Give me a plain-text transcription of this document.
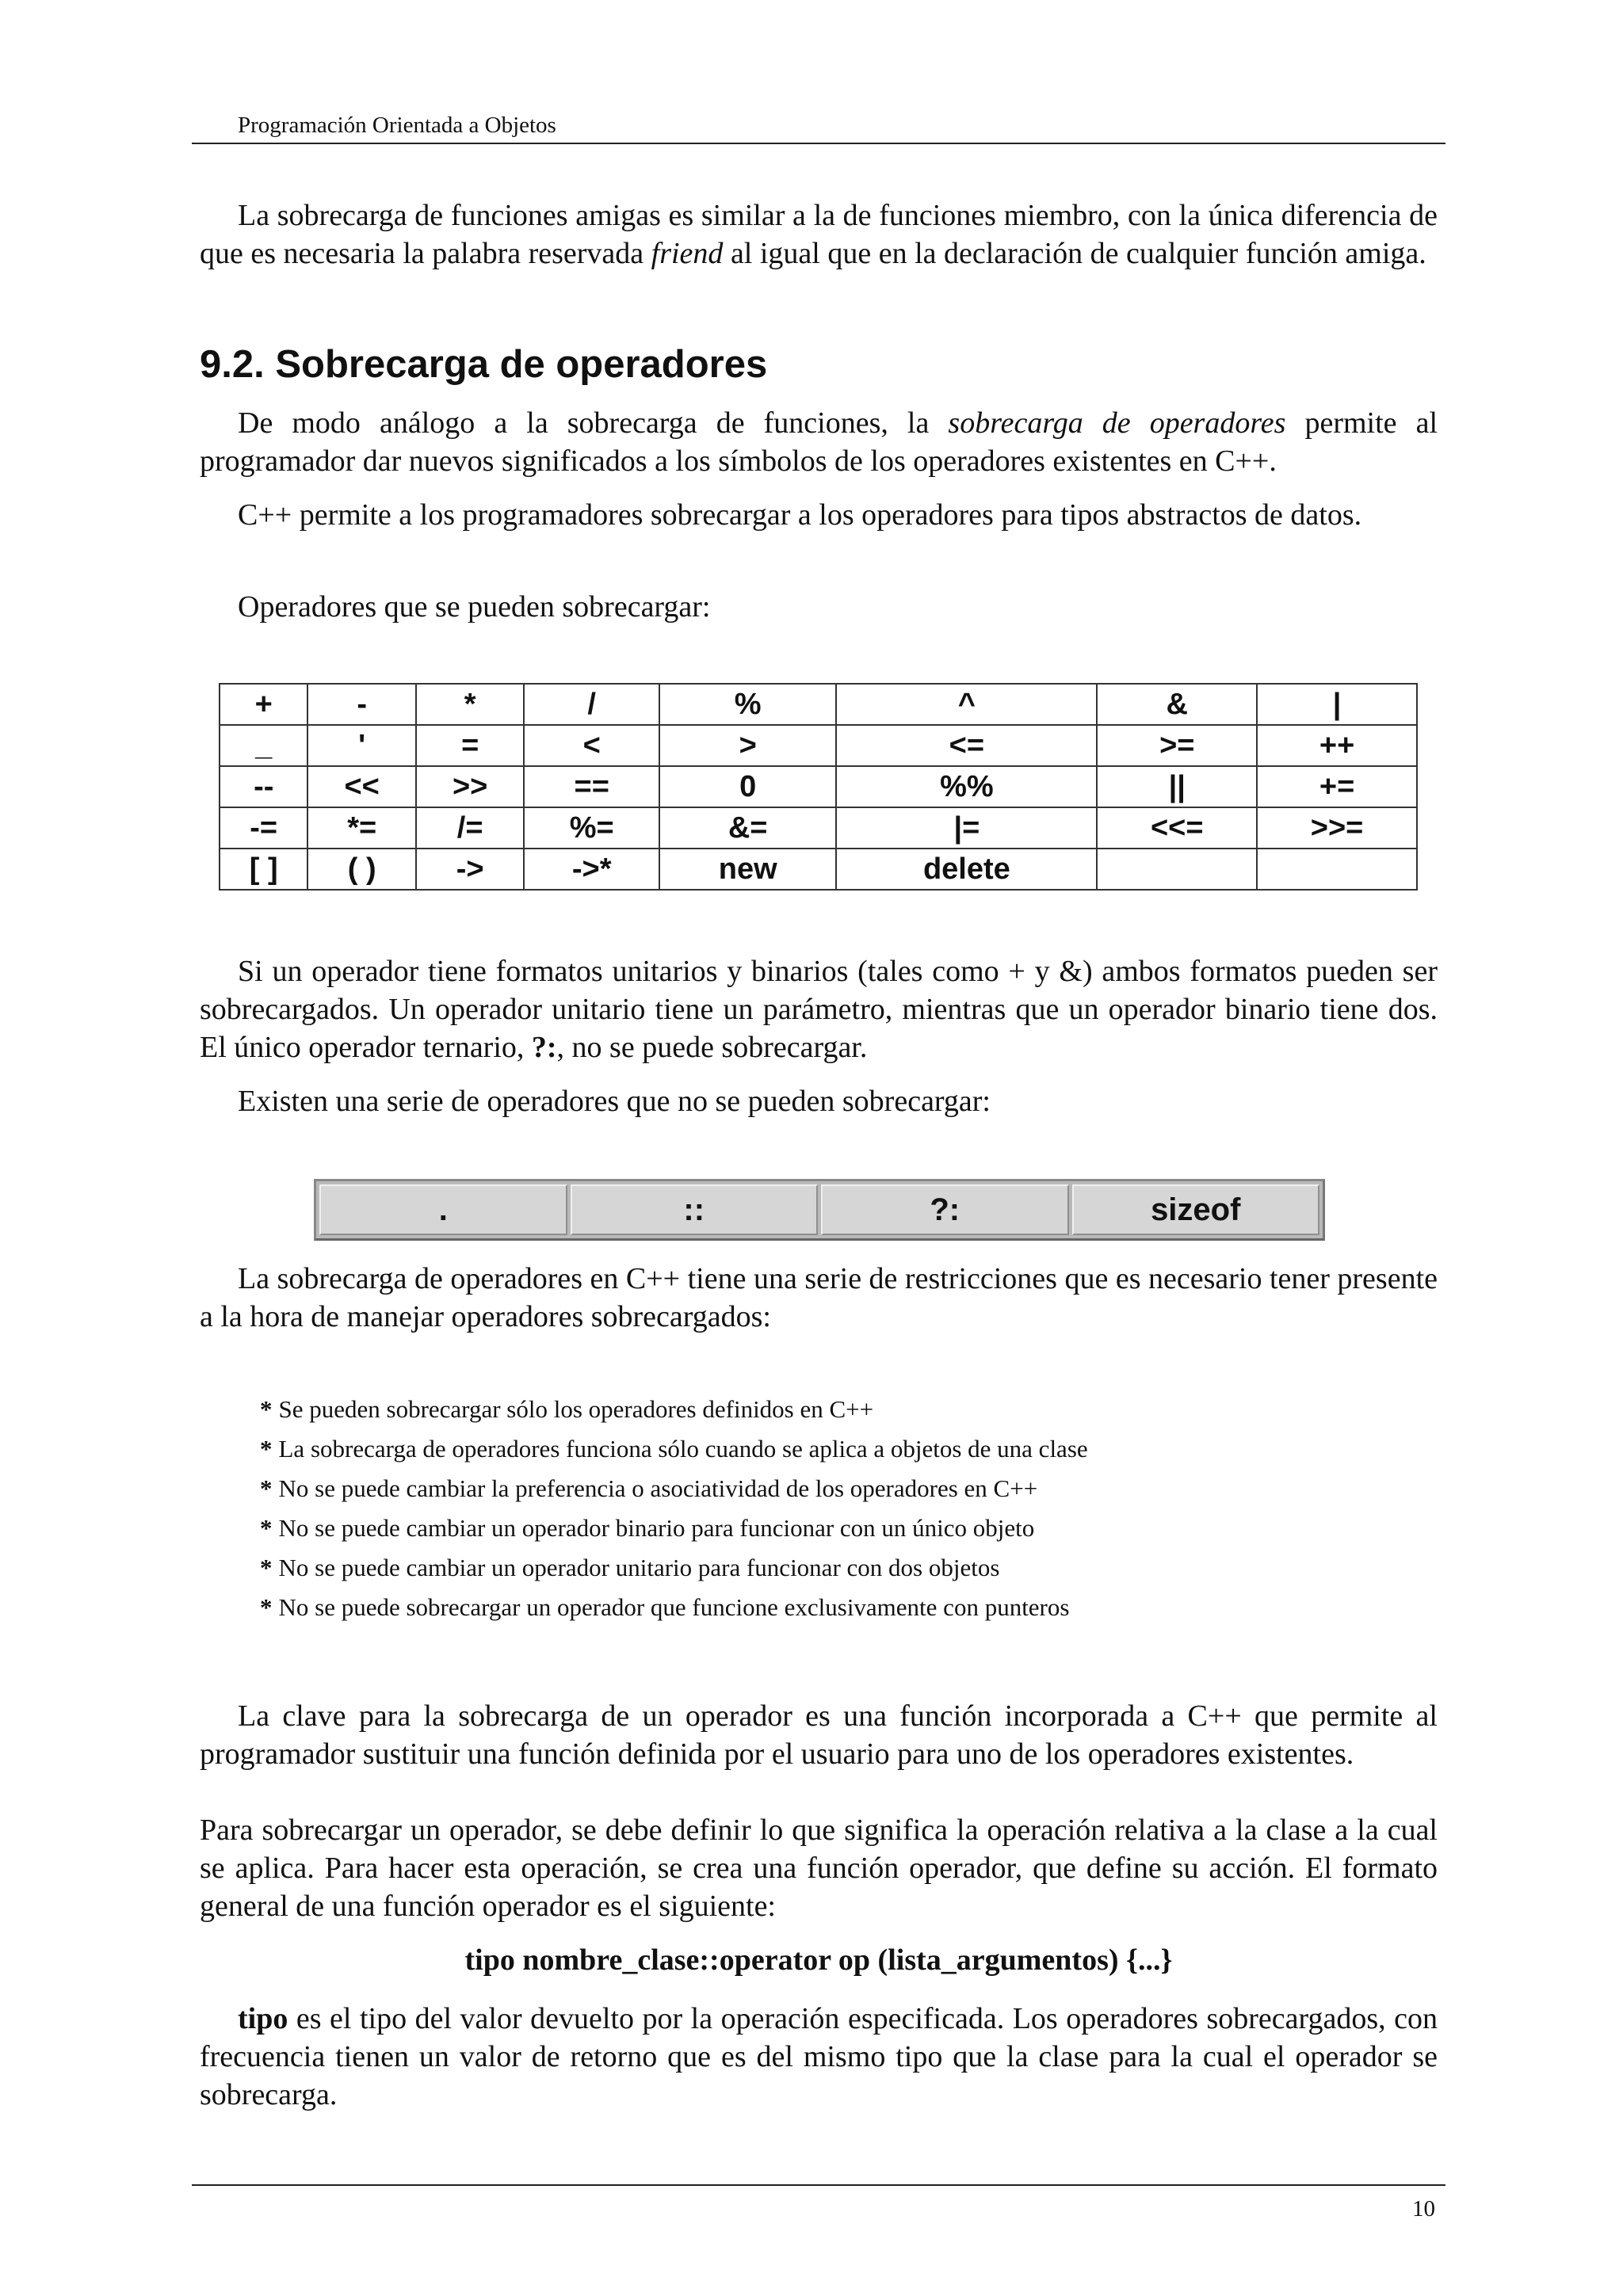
Programación Orientada a Objetos

La sobrecarga de funciones amigas es similar a la de funciones miembro, con la única diferencia de que es necesaria la palabra reservada friend al igual que en la declaración de cualquier función amiga.

9.2. Sobrecarga de operadores

De modo análogo a la sobrecarga de funciones, la sobrecarga de operadores permite al programador dar nuevos significados a los símbolos de los operadores existentes en C++.

C++ permite a los programadores sobrecargar a los operadores para tipos abstractos de datos.

Operadores que se pueden sobrecargar:

+	-	*	/	%	^	&	|
_	'	=	<	>	<=	>=	++
--	<<	>>	==	0	%%	||	+=
-=	*=	/=	%=	&=	|=	<<=	>>=
[ ]	( )	->	->*	new	delete		

Si un operador tiene formatos unitarios y binarios (tales como + y &) ambos formatos pueden ser sobrecargados. Un operador unitario tiene un parámetro, mientras que un operador binario tiene dos. El único operador ternario, ?:, no se puede sobrecargar.

Existen una serie de operadores que no se pueden sobrecargar:

.	::	?:	sizeof

La sobrecarga de operadores en C++ tiene una serie de restricciones que es necesario tener presente a la hora de manejar operadores sobrecargados:

* Se pueden sobrecargar sólo los operadores definidos en C++
* La sobrecarga de operadores funciona sólo cuando se aplica a objetos de una clase
* No se puede cambiar la preferencia o asociatividad de los operadores en C++
* No se puede cambiar un operador binario para funcionar con un único objeto
* No se puede cambiar un operador unitario para funcionar con dos objetos
* No se puede sobrecargar un operador que funcione exclusivamente con punteros

La clave para la sobrecarga de un operador es una función incorporada a C++ que permite al programador sustituir una función definida por el usuario para uno de los operadores existentes.

Para sobrecargar un operador, se debe definir lo que significa la operación relativa a la clase a la cual se aplica. Para hacer esta operación, se crea una función operador, que define su acción. El formato general de una función operador es el siguiente:

tipo nombre_clase::operator op (lista_argumentos) {...}

tipo es el tipo del valor devuelto por la operación especificada. Los operadores sobrecargados, con frecuencia tienen un valor de retorno que es del mismo tipo que la clase para la cual el operador se sobrecarga.

10
